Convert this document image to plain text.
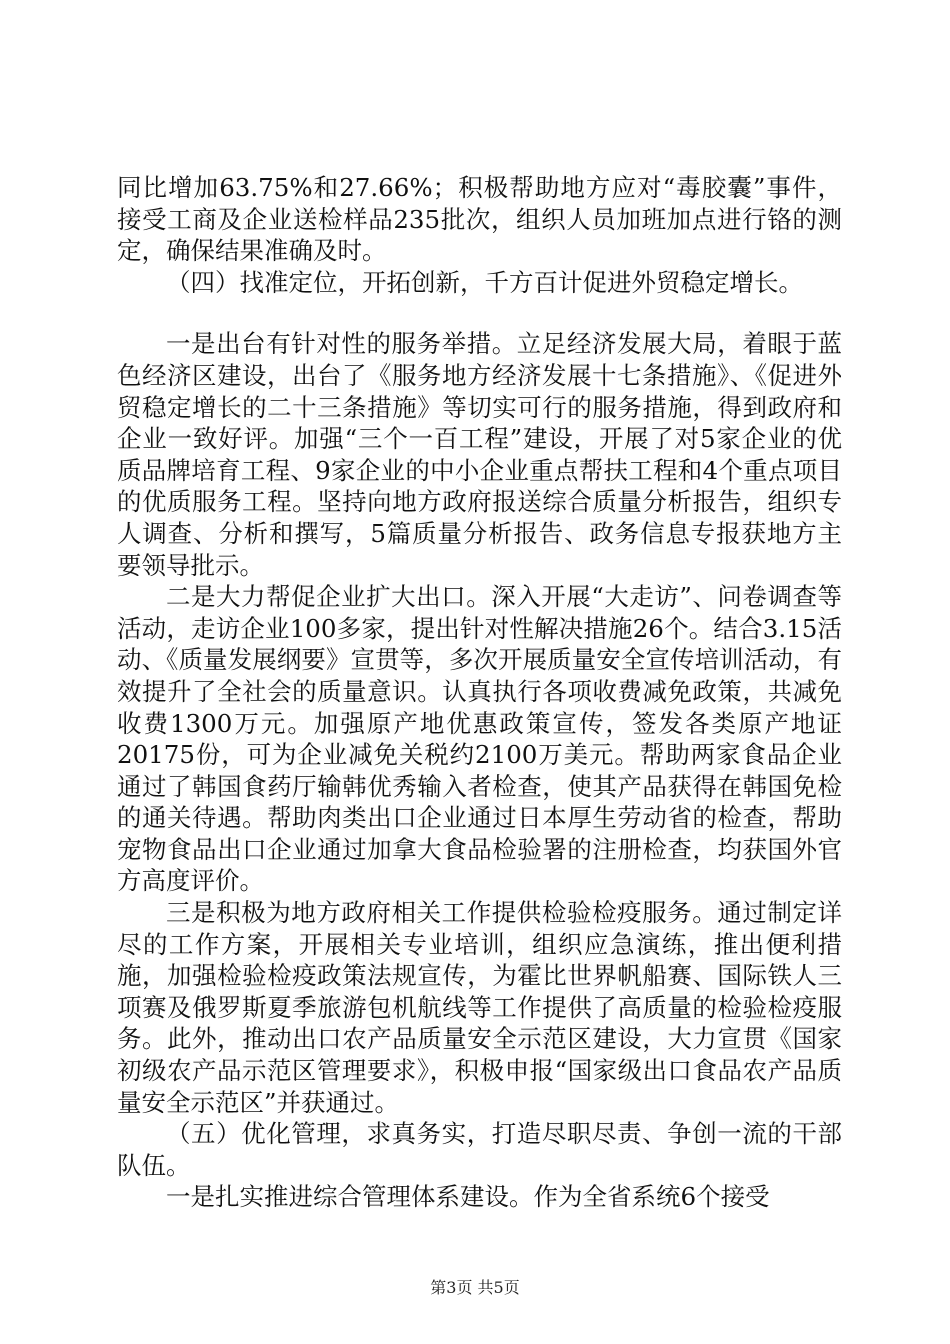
同比增加63.75%和27.66%；积极帮助地方应对“毒胶囊”事件，接受工商及企业送检样品235批次，组织人员加班加点进行铬的测定，确保结果准确及时。

（四）找准定位，开拓创新，千方百计促进外贸稳定增长。

一是出台有针对性的服务举措。立足经济发展大局，着眼于蓝色经济区建设，出台了《服务地方经济发展十七条措施》、《促进外贸稳定增长的二十三条措施》等切实可行的服务措施，得到政府和企业一致好评。加强“三个一百工程”建设，开展了对5家企业的优质品牌培育工程、9家企业的中小企业重点帮扶工程和4个重点项目的优质服务工程。坚持向地方政府报送综合质量分析报告，组织专人调查、分析和撰写，5篇质量分析报告、政务信息专报获地方主要领导批示。

二是大力帮促企业扩大出口。深入开展“大走访”、问卷调查等活动，走访企业100多家，提出针对性解决措施26个。结合3.15活动、《质量发展纲要》宣贯等，多次开展质量安全宣传培训活动，有效提升了全社会的质量意识。认真执行各项收费减免政策，共减免收费1300万元。加强原产地优惠政策宣传，签发各类原产地证20175份，可为企业减免关税约2100万美元。帮助两家食品企业通过了韩国食药厅输韩优秀输入者检查，使其产品获得在韩国免检的通关待遇。帮助肉类出口企业通过日本厚生劳动省的检查，帮助宠物食品出口企业通过加拿大食品检验署的注册检查，均获国外官方高度评价。

三是积极为地方政府相关工作提供检验检疫服务。通过制定详尽的工作方案，开展相关专业培训，组织应急演练，推出便利措施，加强检验检疫政策法规宣传，为霍比世界帆船赛、国际铁人三项赛及俄罗斯夏季旅游包机航线等工作提供了高质量的检验检疫服务。此外，推动出口农产品质量安全示范区建设，大力宣贯《国家初级农产品示范区管理要求》，积极申报“国家级出口食品农产品质量安全示范区”并获通过。

（五）优化管理，求真务实，打造尽职尽责、争创一流的干部队伍。

一是扎实推进综合管理体系建设。作为全省系统6个接受

第3页 共5页
